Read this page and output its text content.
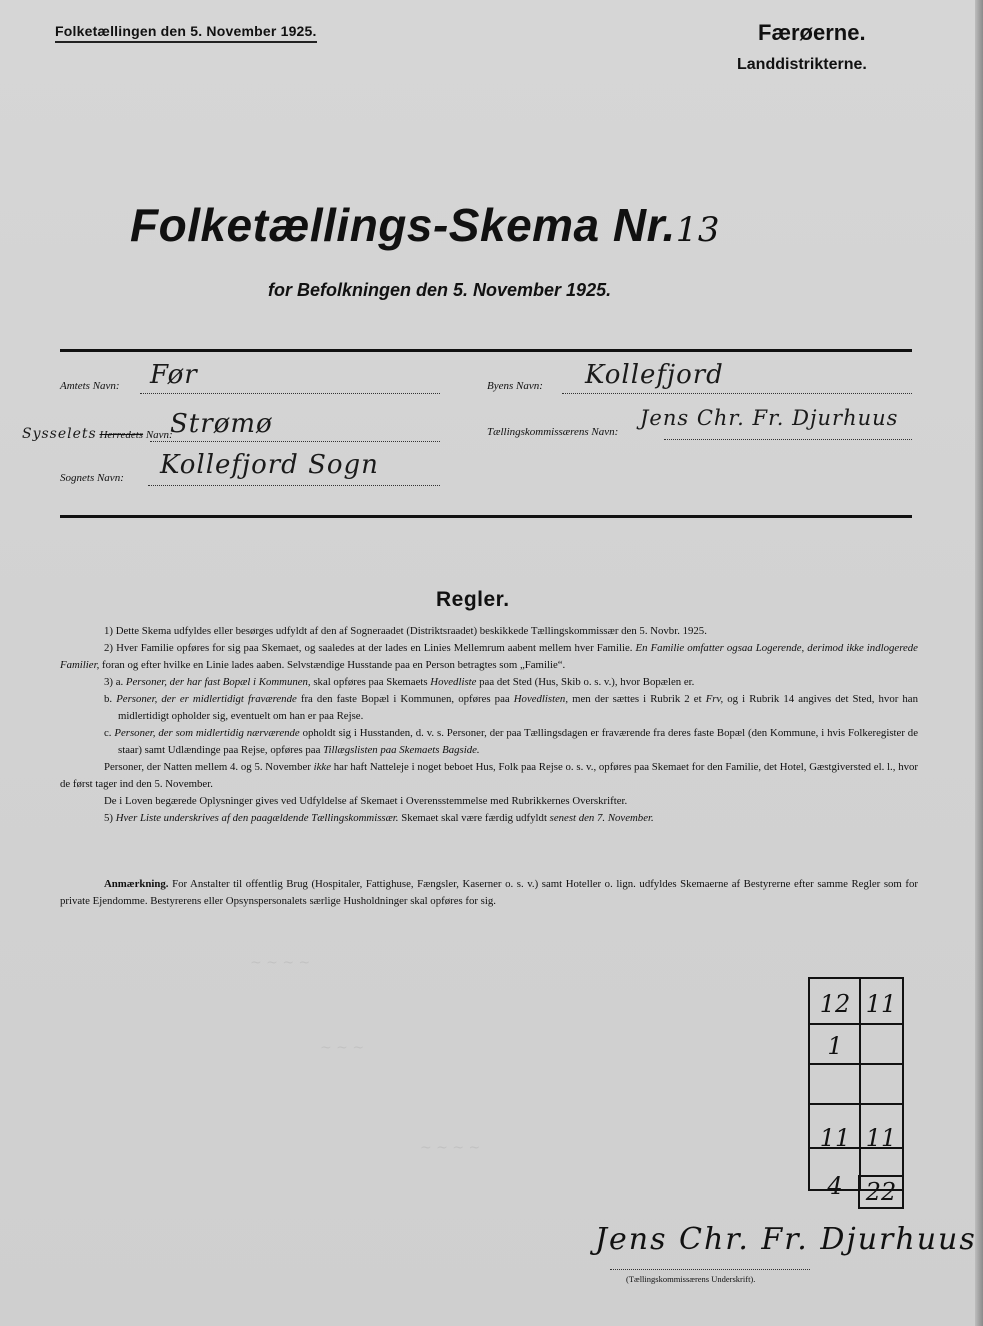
Folketællingen den 5. November 1925.	Færøerne.
Landdistrikterne.
Folketællings-Skema Nr.13
for Befolkningen den 5. November 1925.
Amtets Navn: Før
Sysselets Herredets Navn:
Strømø
Sognets Navn: Kollefjord Sogn
Byens Navn: Kollefjord
Tællingskommissærens Navn:
Jens Chr. Fr. Djurhuus
Regler.

1) Dette Skema udfyldes eller besørges udfyldt af den af Sogneraadet (Distriktsraadet) beskikkede Tællingskommissær den 5. Novbr. 1925.

2) Hver Familie opføres for sig paa Skemaet, og saaledes at der lades en Linies Mellemrum aabent mellem hver Familie. En Familie omfatter ogsaa Logerende, derimod ikke indlogerede Familier, foran og efter hvilke en Linie lades aaben. Selvstændige Husstande paa en Person betragtes som „Familie“.

3) a. Personer, der har fast Bopæl i Kommunen, skal opføres paa Skemaets Hovedliste paa det Sted (Hus, Skib o. s. v.), hvor Bopælen er.

b. Personer, der er midlertidigt fraværende fra den faste Bopæl i Kommunen, opføres paa Hovedlisten, men der sættes i Rubrik 2 et Frv, og i Rubrik 14 angives det Sted, hvor han midlertidigt opholder sig, eventuelt om han er paa Rejse.

c. Personer, der som midlertidig nærværende opholdt sig i Husstanden, d. v. s. Personer, der paa Tællingsdagen er fraværende fra deres faste Bopæl (den Kommune, i hvis Folkeregister de staar) samt Udlændinge paa Rejse, opføres paa Tillægslisten paa Skemaets Bagside.

Personer, der Natten mellem 4. og 5. November ikke har haft Natteleje i noget beboet Hus, Folk paa Rejse o. s. v., opføres paa Skemaet for den Familie, det Hotel, Gæstgiversted el. l., hvor de først tager ind den 5. November.

De i Loven begærede Oplysninger gives ved Udfyldelse af Skemaet i Overensstemmelse med Rubrikkernes Overskrifter.

5) Hver Liste underskrives af den paagældende Tællingskommissær. Skemaet skal være færdig udfyldt senest den 7. November.

Anmærkning. For Anstalter til offentlig Brug (Hospitaler, Fattighuse, Fængsler, Kaserner o. s. v.) samt Hoteller o. lign. udfyldes Skemaerne af Bestyrerne efter samme Regler som for private Ejendomme. Bestyrerens eller Opsynspersonalets særlige Husholdninger skal opføres for sig.
~ ~ ~ ~
~ ~ ~
~ ~ ~ ~
12 11
1
11 11
4 22
Jens Chr. Fr. Djurhuus
(Tællingskommissærens Underskrift).
